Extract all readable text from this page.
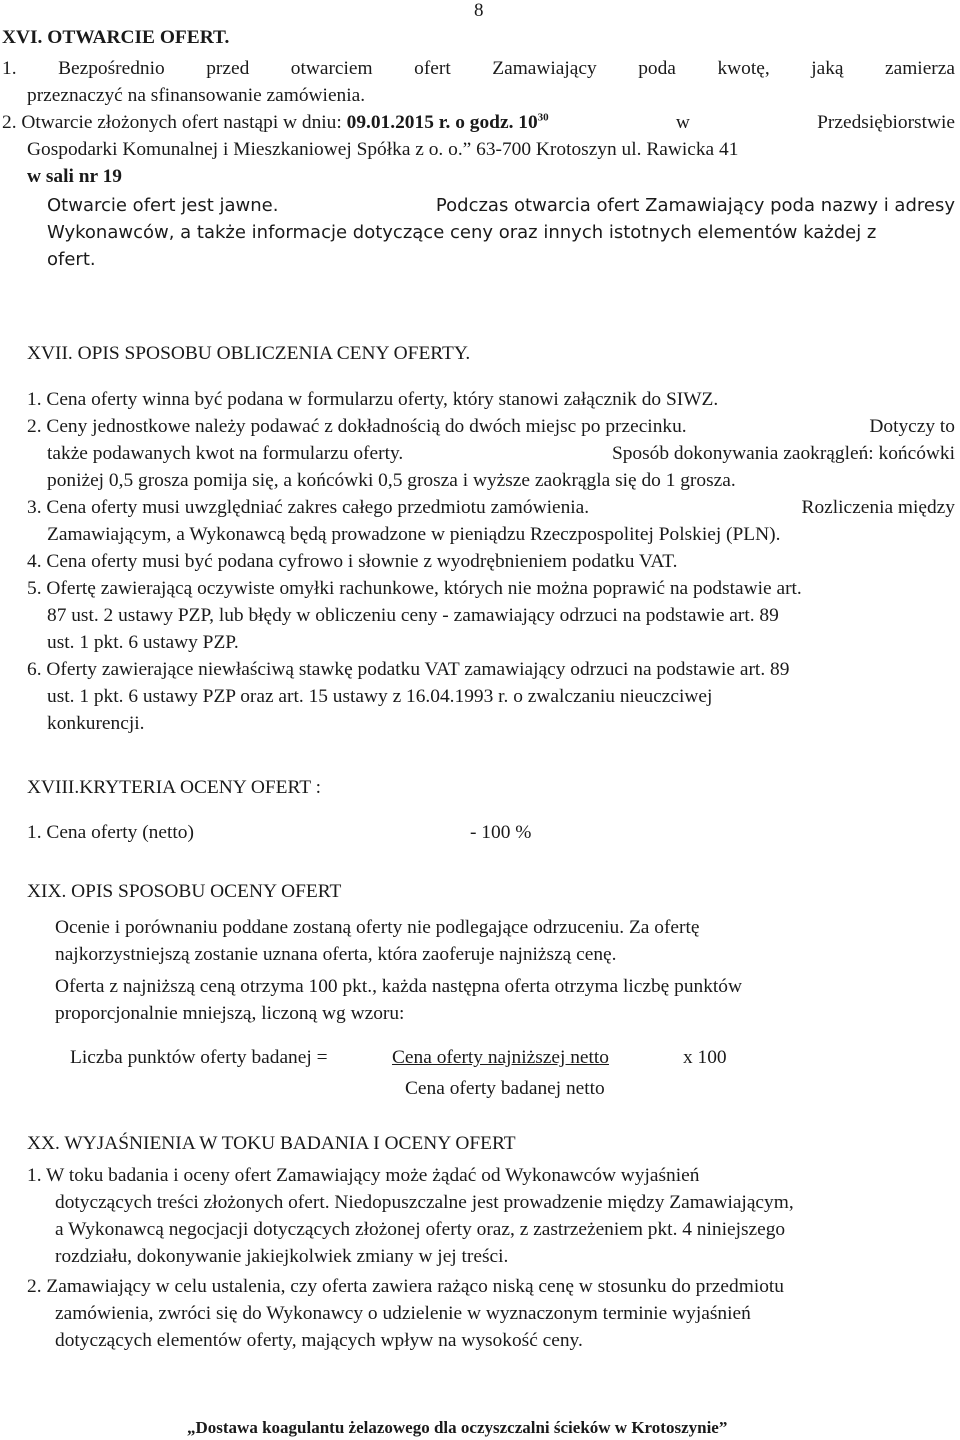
8
XVI. OTWARCIE OFERT.
1. Bezpośrednio przed otwarciem ofert Zamawiający poda kwotę, jaką zamierza
przeznaczyć na sfinansowanie zamówienia.
2. Otwarcie złożonych ofert nastąpi w dniu: 09.01.2015 r. o godz. $10^{30}$	w	Przedsiębiorstwie
Gospodarki Komunalnej i Mieszkaniowej Spółka z o. o.” 63-700 Krotoszyn ul. Rawicka 41
w sali nr 19
Otwarcie ofert jest jawne.	Podczas otwarcia ofert Zamawiający poda nazwy i adresy
Wykonawców, a także informacje dotyczące ceny oraz innych istotnych elementów każdej z
ofert.
XVII. OPIS SPOSOBU OBLICZENIA CENY OFERTY.
1. Cena oferty winna być podana w formularzu oferty, który stanowi załącznik do SIWZ.
2. Ceny jednostkowe należy podawać z dokładnością do dwóch miejsc po przecinku.	Dotyczy to
także podawanych kwot na formularzu oferty.	Sposób dokonywania zaokrągleń: końcówki
poniżej 0,5 grosza pomija się, a końcówki 0,5 grosza i wyższe zaokrągla się do 1 grosza.
3. Cena oferty musi uwzględniać zakres całego przedmiotu zamówienia.	Rozliczenia między
Zamawiającym, a Wykonawcą będą prowadzone w pieniądzu Rzeczpospolitej Polskiej (PLN).
4. Cena oferty musi być podana cyfrowo i słownie z wyodrębnieniem podatku VAT.
5. Ofertę zawierającą oczywiste omyłki rachunkowe, których nie można poprawić na podstawie art.
87 ust. 2 ustawy PZP, lub błędy w obliczeniu ceny - zamawiający odrzuci na podstawie art. 89
ust. 1 pkt. 6 ustawy PZP.
6. Oferty zawierające niewłaściwą stawkę podatku VAT zamawiający odrzuci na podstawie art. 89
ust. 1 pkt. 6 ustawy PZP oraz art. 15 ustawy z 16.04.1993 r. o zwalczaniu nieuczciwej
konkurencji.
XVIII.KRYTERIA OCENY OFERT :
1. Cena oferty (netto)	- 100 %
XIX. OPIS SPOSOBU OCENY OFERT
Ocenie i porównaniu poddane zostaną oferty nie podlegające odrzuceniu. Za ofertę
najkorzystniejszą zostanie uznana oferta, która zaoferuje najniższą cenę.
Oferta z najniższą ceną otrzyma 100 pkt., każda następna oferta otrzyma liczbę punktów
proporcjonalnie mniejszą, liczoną wg wzoru:
Liczba punktów oferty badanej =	Cena oferty najniższej netto	x 100
Cena oferty badanej netto
XX. WYJAŚNIENIA W TOKU BADANIA I OCENY OFERT
1. W toku badania i oceny ofert Zamawiający może żądać od Wykonawców wyjaśnień
dotyczących treści złożonych ofert. Niedopuszczalne jest prowadzenie między Zamawiającym,
a Wykonawcą negocjacji dotyczących złożonej oferty oraz, z zastrzeżeniem pkt. 4 niniejszego
rozdziału, dokonywanie jakiejkolwiek zmiany w jej treści.
2. Zamawiający w celu ustalenia, czy oferta zawiera rażąco niską cenę w stosunku do przedmiotu
zamówienia, zwróci się do Wykonawcy o udzielenie w wyznaczonym terminie wyjaśnień
dotyczących elementów oferty, mających wpływ na wysokość ceny.
„Dostawa koagulantu żelazowego dla oczyszczalni ścieków w Krotoszynie”
